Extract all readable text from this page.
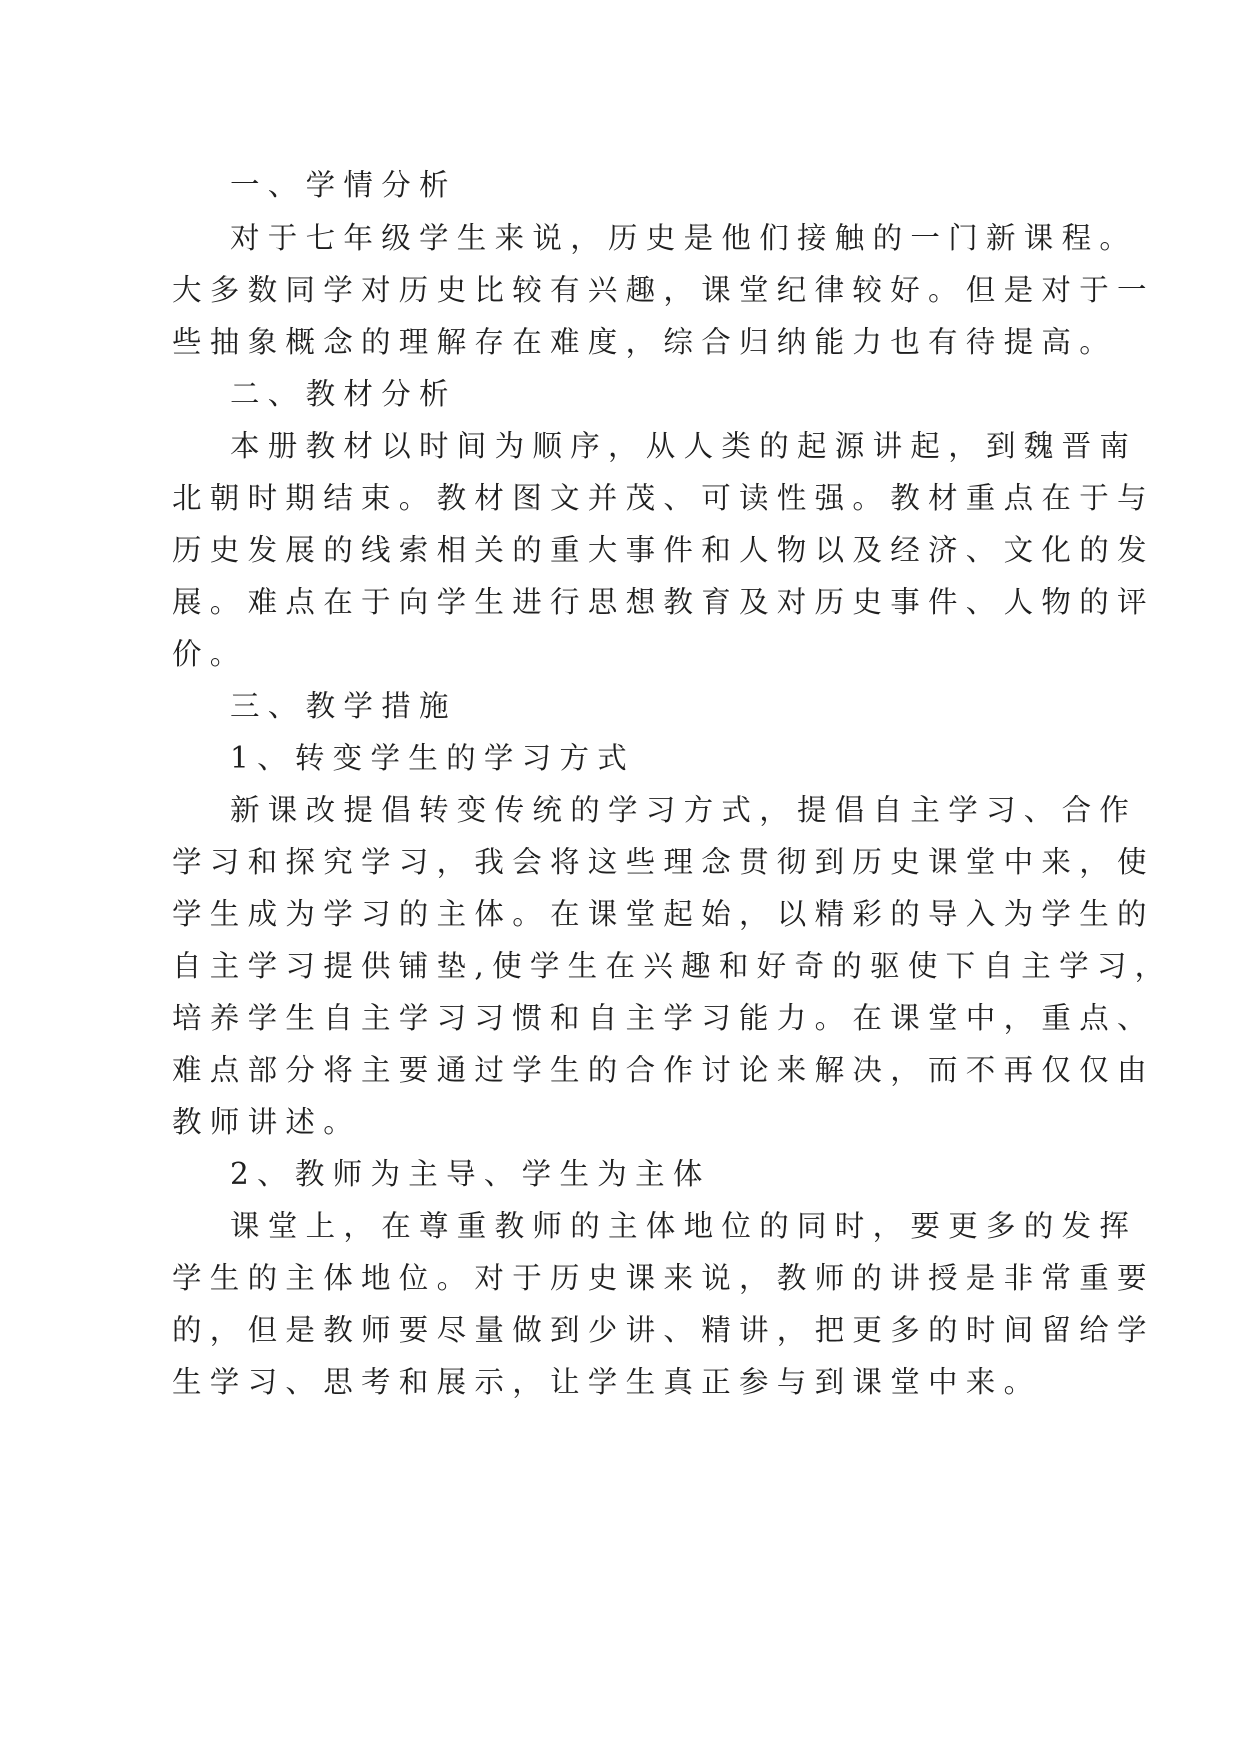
一、学情分析

对于七年级学生来说，历史是他们接触的一门新课程。

大多数同学对历史比较有兴趣，课堂纪律较好。但是对于一

些抽象概念的理解存在难度，综合归纳能力也有待提高。

二、教材分析

本册教材以时间为顺序，从人类的起源讲起，到魏晋南

北朝时期结束。教材图文并茂、可读性强。教材重点在于与

历史发展的线索相关的重大事件和人物以及经济、文化的发

展。难点在于向学生进行思想教育及对历史事件、人物的评

价。

三、教学措施

1、转变学生的学习方式

新课改提倡转变传统的学习方式，提倡自主学习、合作

学习和探究学习，我会将这些理念贯彻到历史课堂中来，使

学生成为学习的主体。在课堂起始，以精彩的导入为学生的

自主学习提供铺垫,使学生在兴趣和好奇的驱使下自主学习，

培养学生自主学习习惯和自主学习能力。在课堂中，重点、

难点部分将主要通过学生的合作讨论来解决，而不再仅仅由

教师讲述。

2、教师为主导、学生为主体

课堂上，在尊重教师的主体地位的同时，要更多的发挥

学生的主体地位。对于历史课来说，教师的讲授是非常重要

的，但是教师要尽量做到少讲、精讲，把更多的时间留给学

生学习、思考和展示，让学生真正参与到课堂中来。
